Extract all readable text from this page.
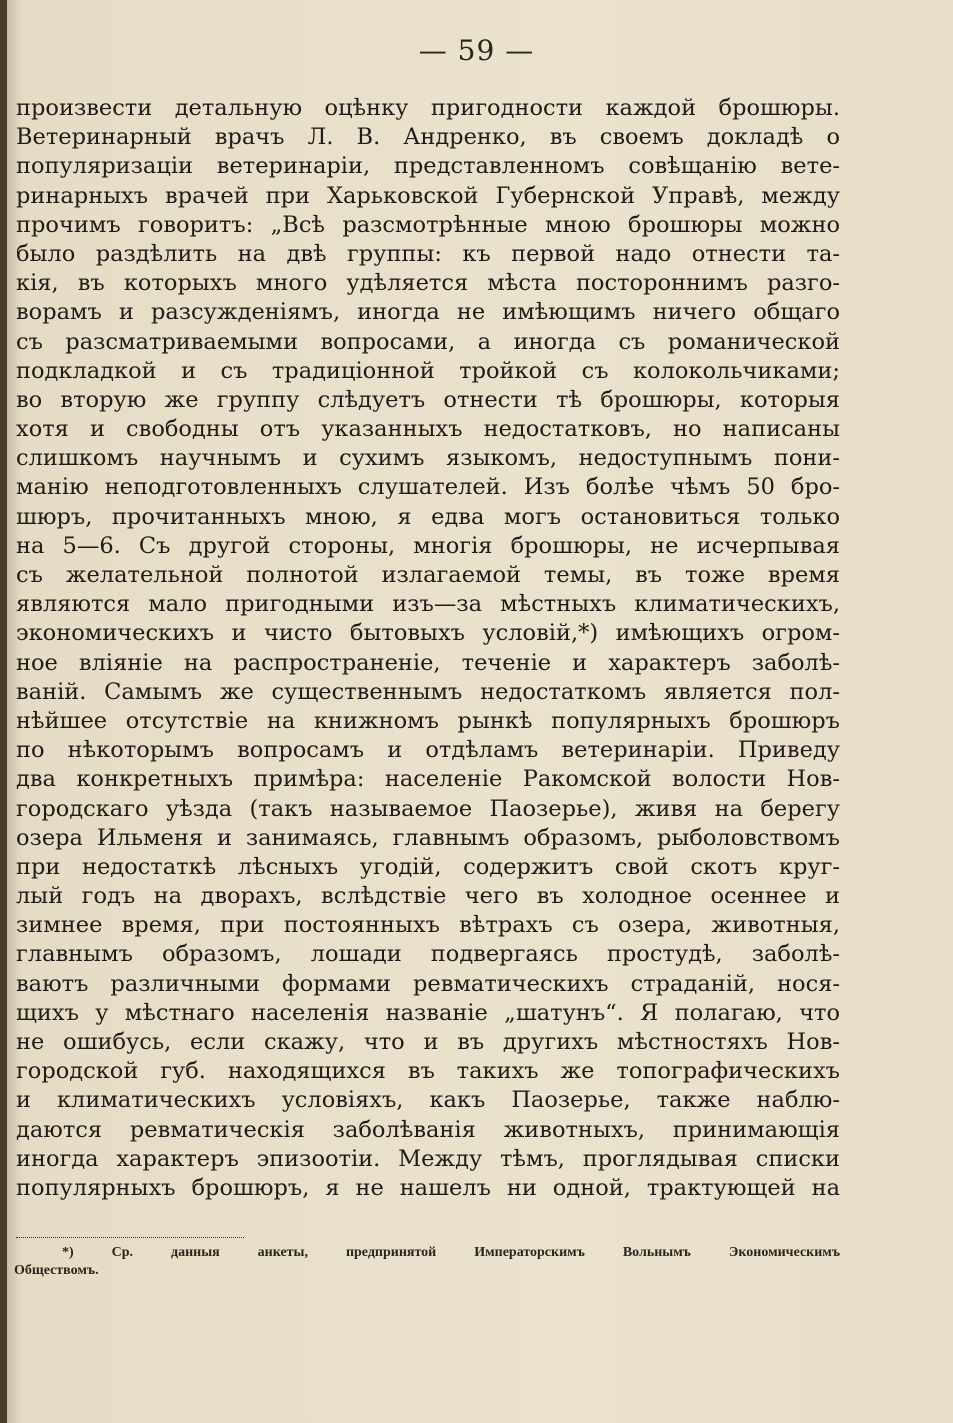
— 59 —
произвести детальную оцѣнку пригодности каждой брошюры.
Ветеринарный врачъ Л. В. Андренко, въ своемъ докладѣ о
популяризаціи ветеринаріи, представленномъ совѣщанію вете-
ринарныхъ врачей при Харьковской Губернской Управѣ, между
прочимъ говоритъ: „Всѣ разсмотрѣнные мною брошюры можно
было раздѣлить на двѣ группы: къ первой надо отнести та-
кія, въ которыхъ много удѣляется мѣста постороннимъ разго-
ворамъ и разсужденіямъ, иногда не имѣющимъ ничего общаго
съ разсматриваемыми вопросами, а иногда съ романической
подкладкой и съ традиціонной тройкой съ колокольчиками;
во вторую же группу слѣдуетъ отнести тѣ брошюры, которыя
хотя и свободны отъ указанныхъ недостатковъ, но написаны
слишкомъ научнымъ и сухимъ языкомъ, недоступнымъ пони-
манію неподготовленныхъ слушателей. Изъ болѣе чѣмъ 50 бро-
шюръ, прочитанныхъ мною, я едва могъ остановиться только
на 5—6. Съ другой стороны, многія брошюры, не исчерпывая
съ желательной полнотой излагаемой темы, въ тоже время
являются мало пригодными изъ—за мѣстныхъ климатическихъ,
экономическихъ и чисто бытовыхъ условій,*) имѣющихъ огром-
ное вліяніе на распространеніе, теченіе и характеръ заболѣ-
ваній. Самымъ же существеннымъ недостаткомъ является пол-
нѣйшее отсутствіе на книжномъ рынкѣ популярныхъ брошюръ
по нѣкоторымъ вопросамъ и отдѣламъ ветеринаріи. Приведу
два конкретныхъ примѣра: населеніе Ракомской волости Нов-
городскаго уѣзда (такъ называемое Паозерье), живя на берегу
озера Ильменя и занимаясь, главнымъ образомъ, рыболовствомъ
при недостаткѣ лѣсныхъ угодій, содержитъ свой скотъ круг-
лый годъ на дворахъ, вслѣдствіе чего въ холодное осеннее и
зимнее время, при постоянныхъ вѣтрахъ съ озера, животныя,
главнымъ образомъ, лошади подвергаясь простудѣ, заболѣ-
ваютъ различными формами ревматическихъ страданій, нося-
щихъ у мѣстнаго населенія названіе „шатунъ“. Я полагаю, что
не ошибусь, если скажу, что и въ другихъ мѣстностяхъ Нов-
городской губ. находящихся въ такихъ же топографическихъ
и климатическихъ условіяхъ, какъ Паозерье, также наблю-
даются ревматическія заболѣванія животныхъ, принимающія
иногда характеръ эпизоотіи. Между тѣмъ, проглядывая списки
популярныхъ брошюръ, я не нашелъ ни одной, трактующей на
*) Ср. данныя анкеты, предпринятой Императорскимъ Вольнымъ Экономическимъ
Обществомъ.
